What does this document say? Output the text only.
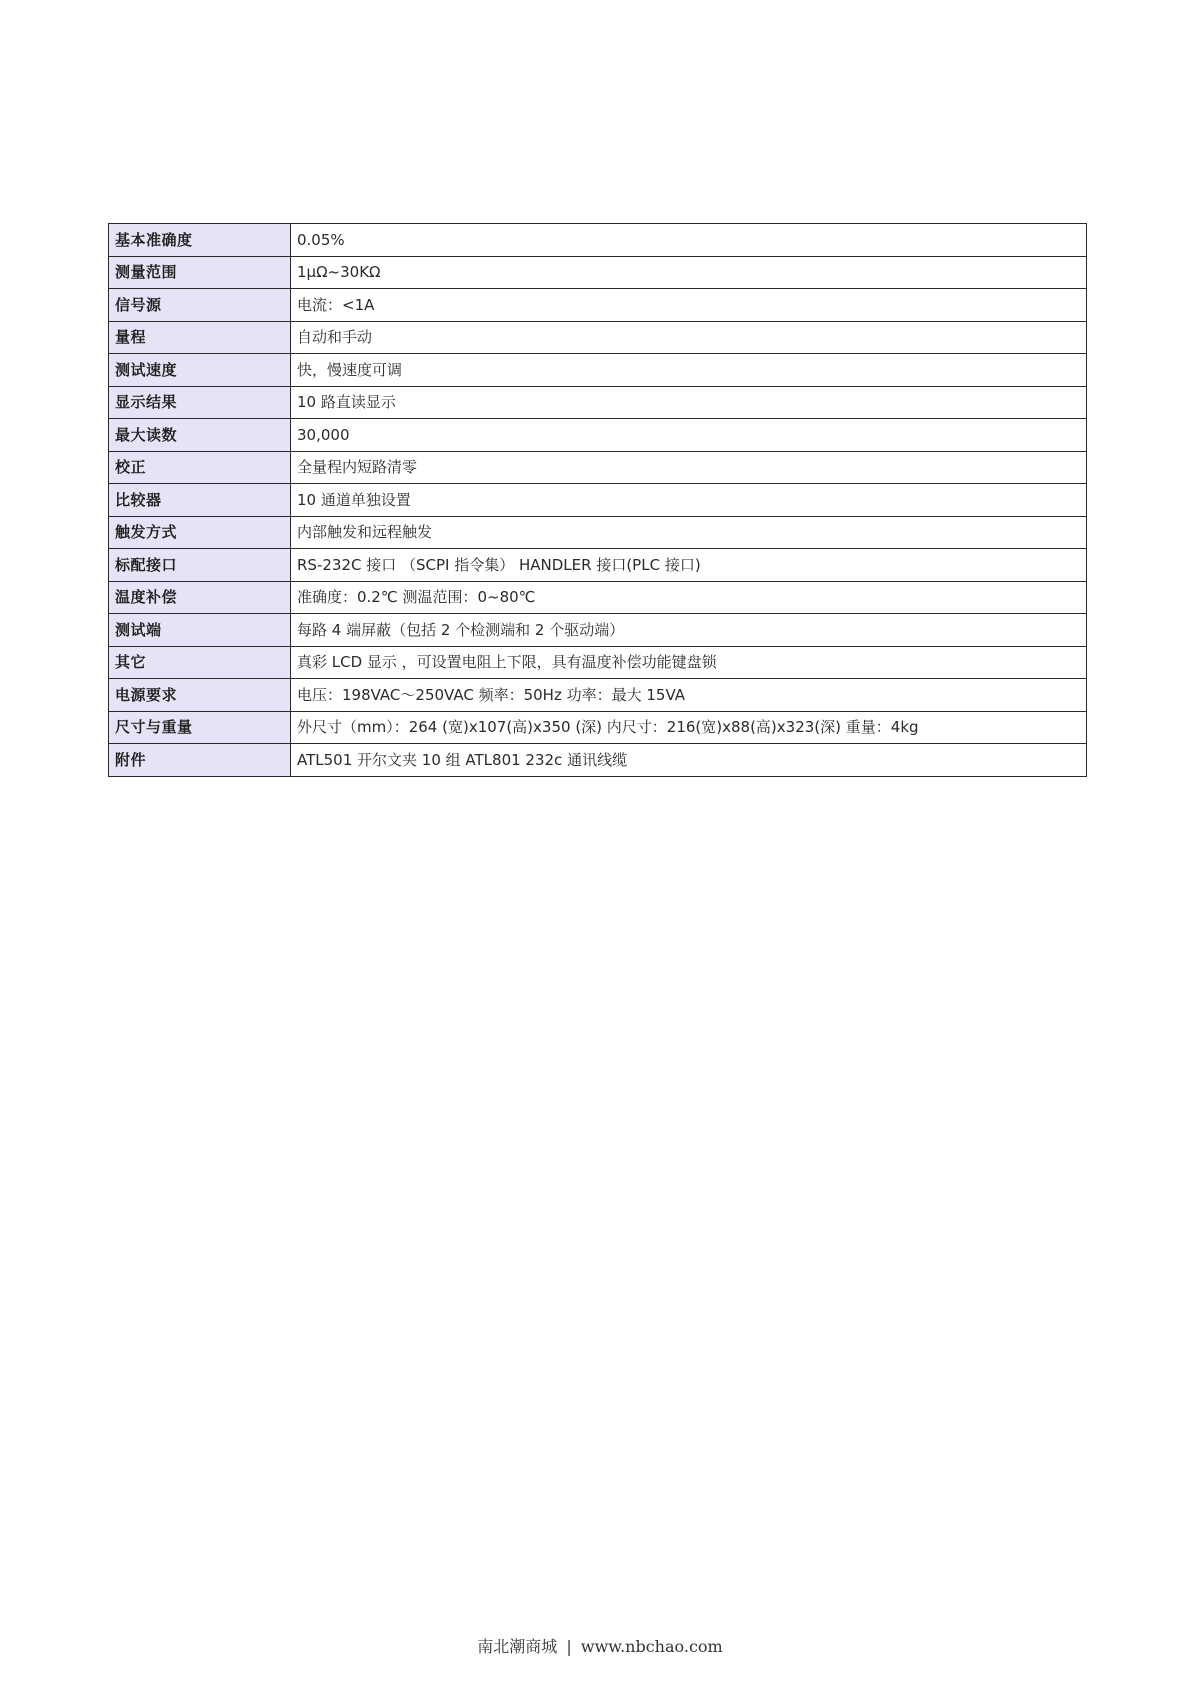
基本准确度	0.05%
测量范围	1μΩ~30KΩ
信号源	电流：<1A
量程	自动和手动
测试速度	快，慢速度可调
显示结果	10 路直读显示
最大读数	30,000
校正	全量程内短路清零
比较器	10 通道单独设置
触发方式	内部触发和远程触发
标配接口	RS-232C 接口 （SCPI 指令集） HANDLER 接口(PLC 接口)
温度补偿	准确度：0.2℃ 测温范围：0~80℃
测试端	每路 4 端屏蔽（包括 2 个检测端和 2 个驱动端）
其它	真彩 LCD 显示 ，可设置电阻上下限，具有温度补偿功能键盘锁
电源要求	电压：198VAC～250VAC 频率：50Hz 功率：最大 15VA
尺寸与重量	外尺寸（mm）：264 (宽)x107(高)x350 (深) 内尺寸：216(宽)x88(高)x323(深) 重量：4kg
附件	ATL501 开尔文夹 10 组 ATL801 232c 通讯线缆
南北潮商城 | www.nbchao.com
